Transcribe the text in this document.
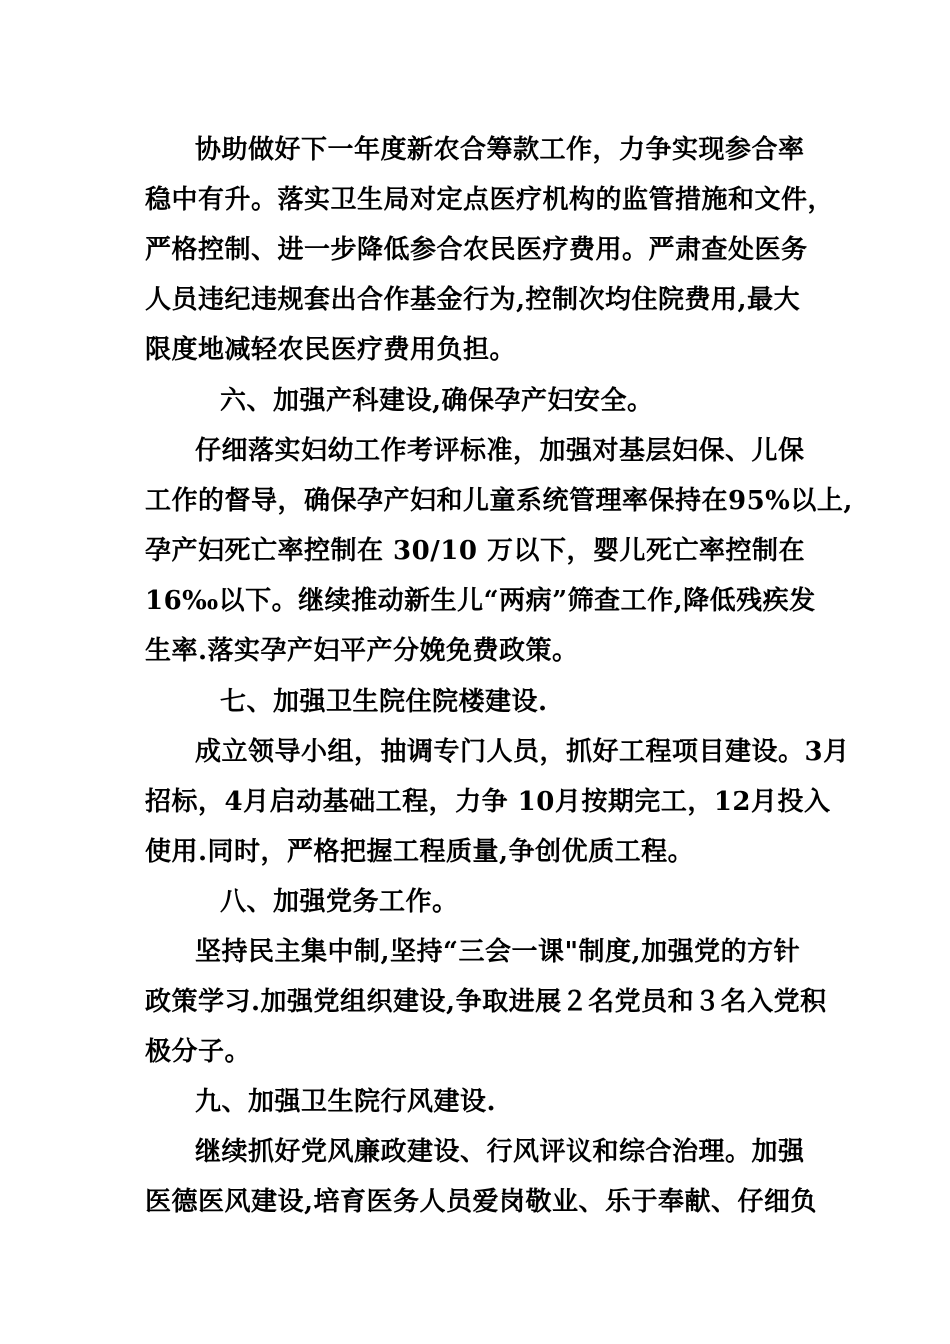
协助做好下一年度新农合筹款工作，力争实现参合率
稳中有升。落实卫生局对定点医疗机构的监管措施和文件，
严格控制、进一步降低参合农民医疗费用。严肃查处医务
人员违纪违规套出合作基金行为,控制次均住院费用,最大
限度地减轻农民医疗费用负担。
六、加强产科建设,确保孕产妇安全。
仔细落实妇幼工作考评标准，加强对基层妇保、儿保
工作的督导，确保孕产妇和儿童系统管理率保持在95%以上,
孕产妇死亡率控制在 30/10 万以下，婴儿死亡率控制在
16‰以下。继续推动新生儿“两病”筛查工作,降低残疾发
生率.落实孕产妇平产分娩免费政策。
七、加强卫生院住院楼建设.
成立领导小组，抽调专门人员，抓好工程项目建设。3月
招标，4月启动基础工程，力争 10月按期完工，12月投入
使用.同时，严格把握工程质量,争创优质工程。
八、加强党务工作。
坚持民主集中制,坚持“三会一课"制度,加强党的方针
政策学习.加强党组织建设,争取进展２名党员和３名入党积
极分子。
九、加强卫生院行风建设.
继续抓好党风廉政建设、行风评议和综合治理。加强
医德医风建设,培育医务人员爱岗敬业、乐于奉献、仔细负
